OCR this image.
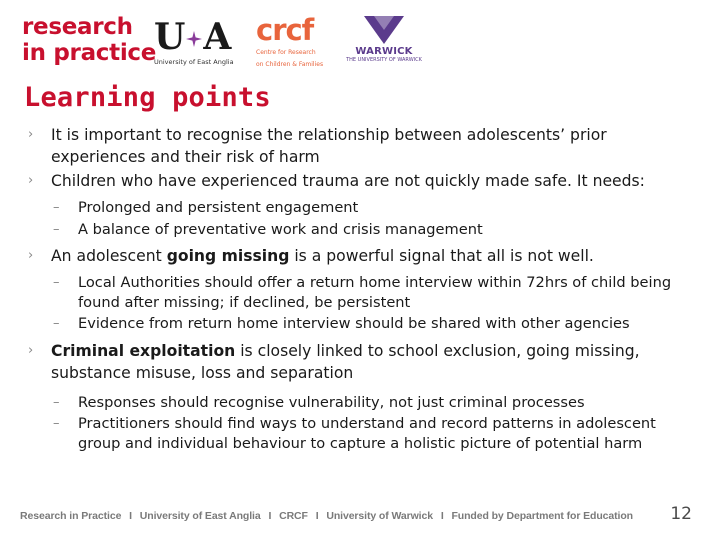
research
in practice
U A
University of East Anglia
crcf
Centre for Research
on Children & Families
WARWICK
THE UNIVERSITY OF WARWICK
Learning points
› It is important to recognise the relationship between adolescents’ prior experiences and their risk of harm
› Children who have experienced trauma are not quickly made safe. It needs:
– Prolonged and persistent engagement
– A balance of preventative work and crisis management
› An adolescent going missing is a powerful signal that all is not well.
– Local Authorities should offer a return home interview within 72hrs of child being found after missing; if declined, be persistent
– Evidence from return home interview should be shared with other agencies
› Criminal exploitation is closely linked to school exclusion, going missing, substance misuse, loss and separation
– Responses should recognise vulnerability, not just criminal processes
– Practitioners should find ways to understand and record patterns in adolescent group and individual behaviour to capture a holistic picture of potential harm
Research in Practice I University of East Anglia I CRCF I University of Warwick I Funded by Department for Education 12
